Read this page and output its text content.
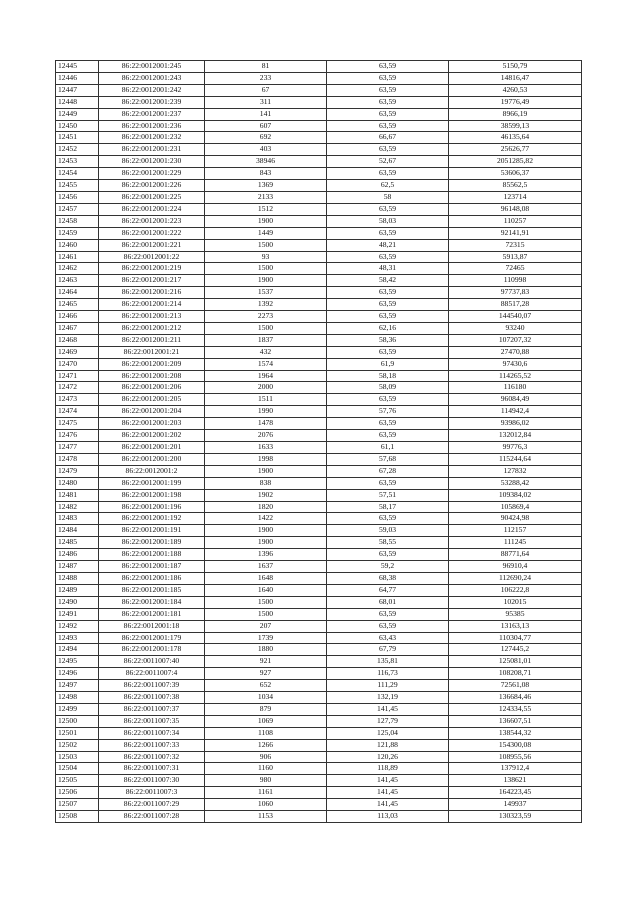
12445	86:22:0012001:245	81	63,59	5150,79
12446	86:22:0012001:243	233	63,59	14816,47
12447	86:22:0012001:242	67	63,59	4260,53
12448	86:22:0012001:239	311	63,59	19776,49
12449	86:22:0012001:237	141	63,59	8966,19
12450	86:22:0012001:236	607	63,59	38599,13
12451	86:22:0012001:232	692	66,67	46135,64
12452	86:22:0012001:231	403	63,59	25626,77
12453	86:22:0012001:230	38946	52,67	2051285,82
12454	86:22:0012001:229	843	63,59	53606,37
12455	86:22:0012001:226	1369	62,5	85562,5
12456	86:22:0012001:225	2133	58	123714
12457	86:22:0012001:224	1512	63,59	96148,08
12458	86:22:0012001:223	1900	58,03	110257
12459	86:22:0012001:222	1449	63,59	92141,91
12460	86:22:0012001:221	1500	48,21	72315
12461	86:22:0012001:22	93	63,59	5913,87
12462	86:22:0012001:219	1500	48,31	72465
12463	86:22:0012001:217	1900	58,42	110998
12464	86:22:0012001:216	1537	63,59	97737,83
12465	86:22:0012001:214	1392	63,59	88517,28
12466	86:22:0012001:213	2273	63,59	144540,07
12467	86:22:0012001:212	1500	62,16	93240
12468	86:22:0012001:211	1837	58,36	107207,32
12469	86:22:0012001:21	432	63,59	27470,88
12470	86:22:0012001:209	1574	61,9	97430,6
12471	86:22:0012001:208	1964	58,18	114265,52
12472	86:22:0012001:206	2000	58,09	116180
12473	86:22:0012001:205	1511	63,59	96084,49
12474	86:22:0012001:204	1990	57,76	114942,4
12475	86:22:0012001:203	1478	63,59	93986,02
12476	86:22:0012001:202	2076	63,59	132012,84
12477	86:22:0012001:201	1633	61,1	99776,3
12478	86:22:0012001:200	1998	57,68	115244,64
12479	86:22:0012001:2	1900	67,28	127832
12480	86:22:0012001:199	838	63,59	53288,42
12481	86:22:0012001:198	1902	57,51	109384,02
12482	86:22:0012001:196	1820	58,17	105869,4
12483	86:22:0012001:192	1422	63,59	90424,98
12484	86:22:0012001:191	1900	59,03	112157
12485	86:22:0012001:189	1900	58,55	111245
12486	86:22:0012001:188	1396	63,59	88771,64
12487	86:22:0012001:187	1637	59,2	96910,4
12488	86:22:0012001:186	1648	68,38	112690,24
12489	86:22:0012001:185	1640	64,77	106222,8
12490	86:22:0012001:184	1500	68,01	102015
12491	86:22:0012001:181	1500	63,59	95385
12492	86:22:0012001:18	207	63,59	13163,13
12493	86:22:0012001:179	1739	63,43	110304,77
12494	86:22:0012001:178	1880	67,79	127445,2
12495	86:22:0011007:40	921	135,81	125081,01
12496	86:22:0011007:4	927	116,73	108208,71
12497	86:22:0011007:39	652	111,29	72561,08
12498	86:22:0011007:38	1034	132,19	136684,46
12499	86:22:0011007:37	879	141,45	124334,55
12500	86:22:0011007:35	1069	127,79	136607,51
12501	86:22:0011007:34	1108	125,04	138544,32
12502	86:22:0011007:33	1266	121,88	154300,08
12503	86:22:0011007:32	906	120,26	108955,56
12504	86:22:0011007:31	1160	118,89	137912,4
12505	86:22:0011007:30	980	141,45	138621
12506	86:22:0011007:3	1161	141,45	164223,45
12507	86:22:0011007:29	1060	141,45	149937
12508	86:22:0011007:28	1153	113,03	130323,59
